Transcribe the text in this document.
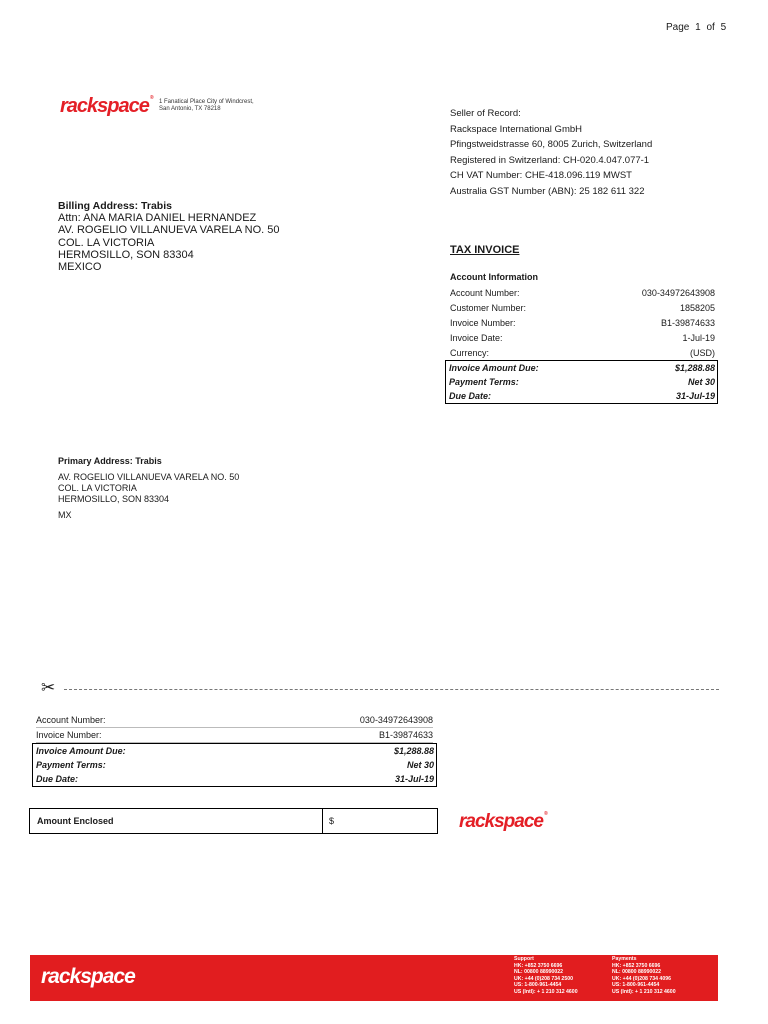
Page 1 of 5
rackspace®
1 Fanatical Place City of Windcrest,
San Antonio, TX 78218	Seller of Record:
Rackspace International GmbH
Pfingstweidstrasse 60, 8005 Zurich, Switzerland
Registered in Switzerland: CH-020.4.047.077-1
CH VAT Number: CHE-418.096.119 MWST
Australia GST Number (ABN): 25 182 611 322
Billing Address: Trabis
Attn: ANA MARIA DANIEL HERNANDEZ
AV. ROGELIO VILLANUEVA VARELA NO. 50
COL. LA VICTORIA
HERMOSILLO, SON 83304
MEXICO
TAX INVOICE
Account Information
Account Number:	030-34972643908
Customer Number:	1858205
Invoice Number:	B1-39874633
Invoice Date:	1-Jul-19
Currency:	(USD)
Invoice Amount Due:	$1,288.88
Payment Terms:	Net 30
Due Date:	31-Jul-19
Primary Address: Trabis
AV. ROGELIO VILLANUEVA VARELA NO. 50
COL. LA VICTORIA
HERMOSILLO, SON 83304
MX
✂
Account Number:	030-34972643908
Invoice Number:	B1-39874633
Invoice Amount Due:	$1,288.88
Payment Terms:	Net 30
Due Date:	31-Jul-19
Amount Enclosed	$	rackspace®
rackspace
Support
HK: +852 3750 6696
NL: 00800 88990022
UK: +44 (0)208 734 2500
US: 1-800-961-4454
US (Intl): + 1 210 312 4600
Payments
HK: +852 3750 6696
NL: 00800 88990022
UK: +44 (0)208 734 4096
US: 1-800-961-4454
US (Intl): + 1 210 312 4600
